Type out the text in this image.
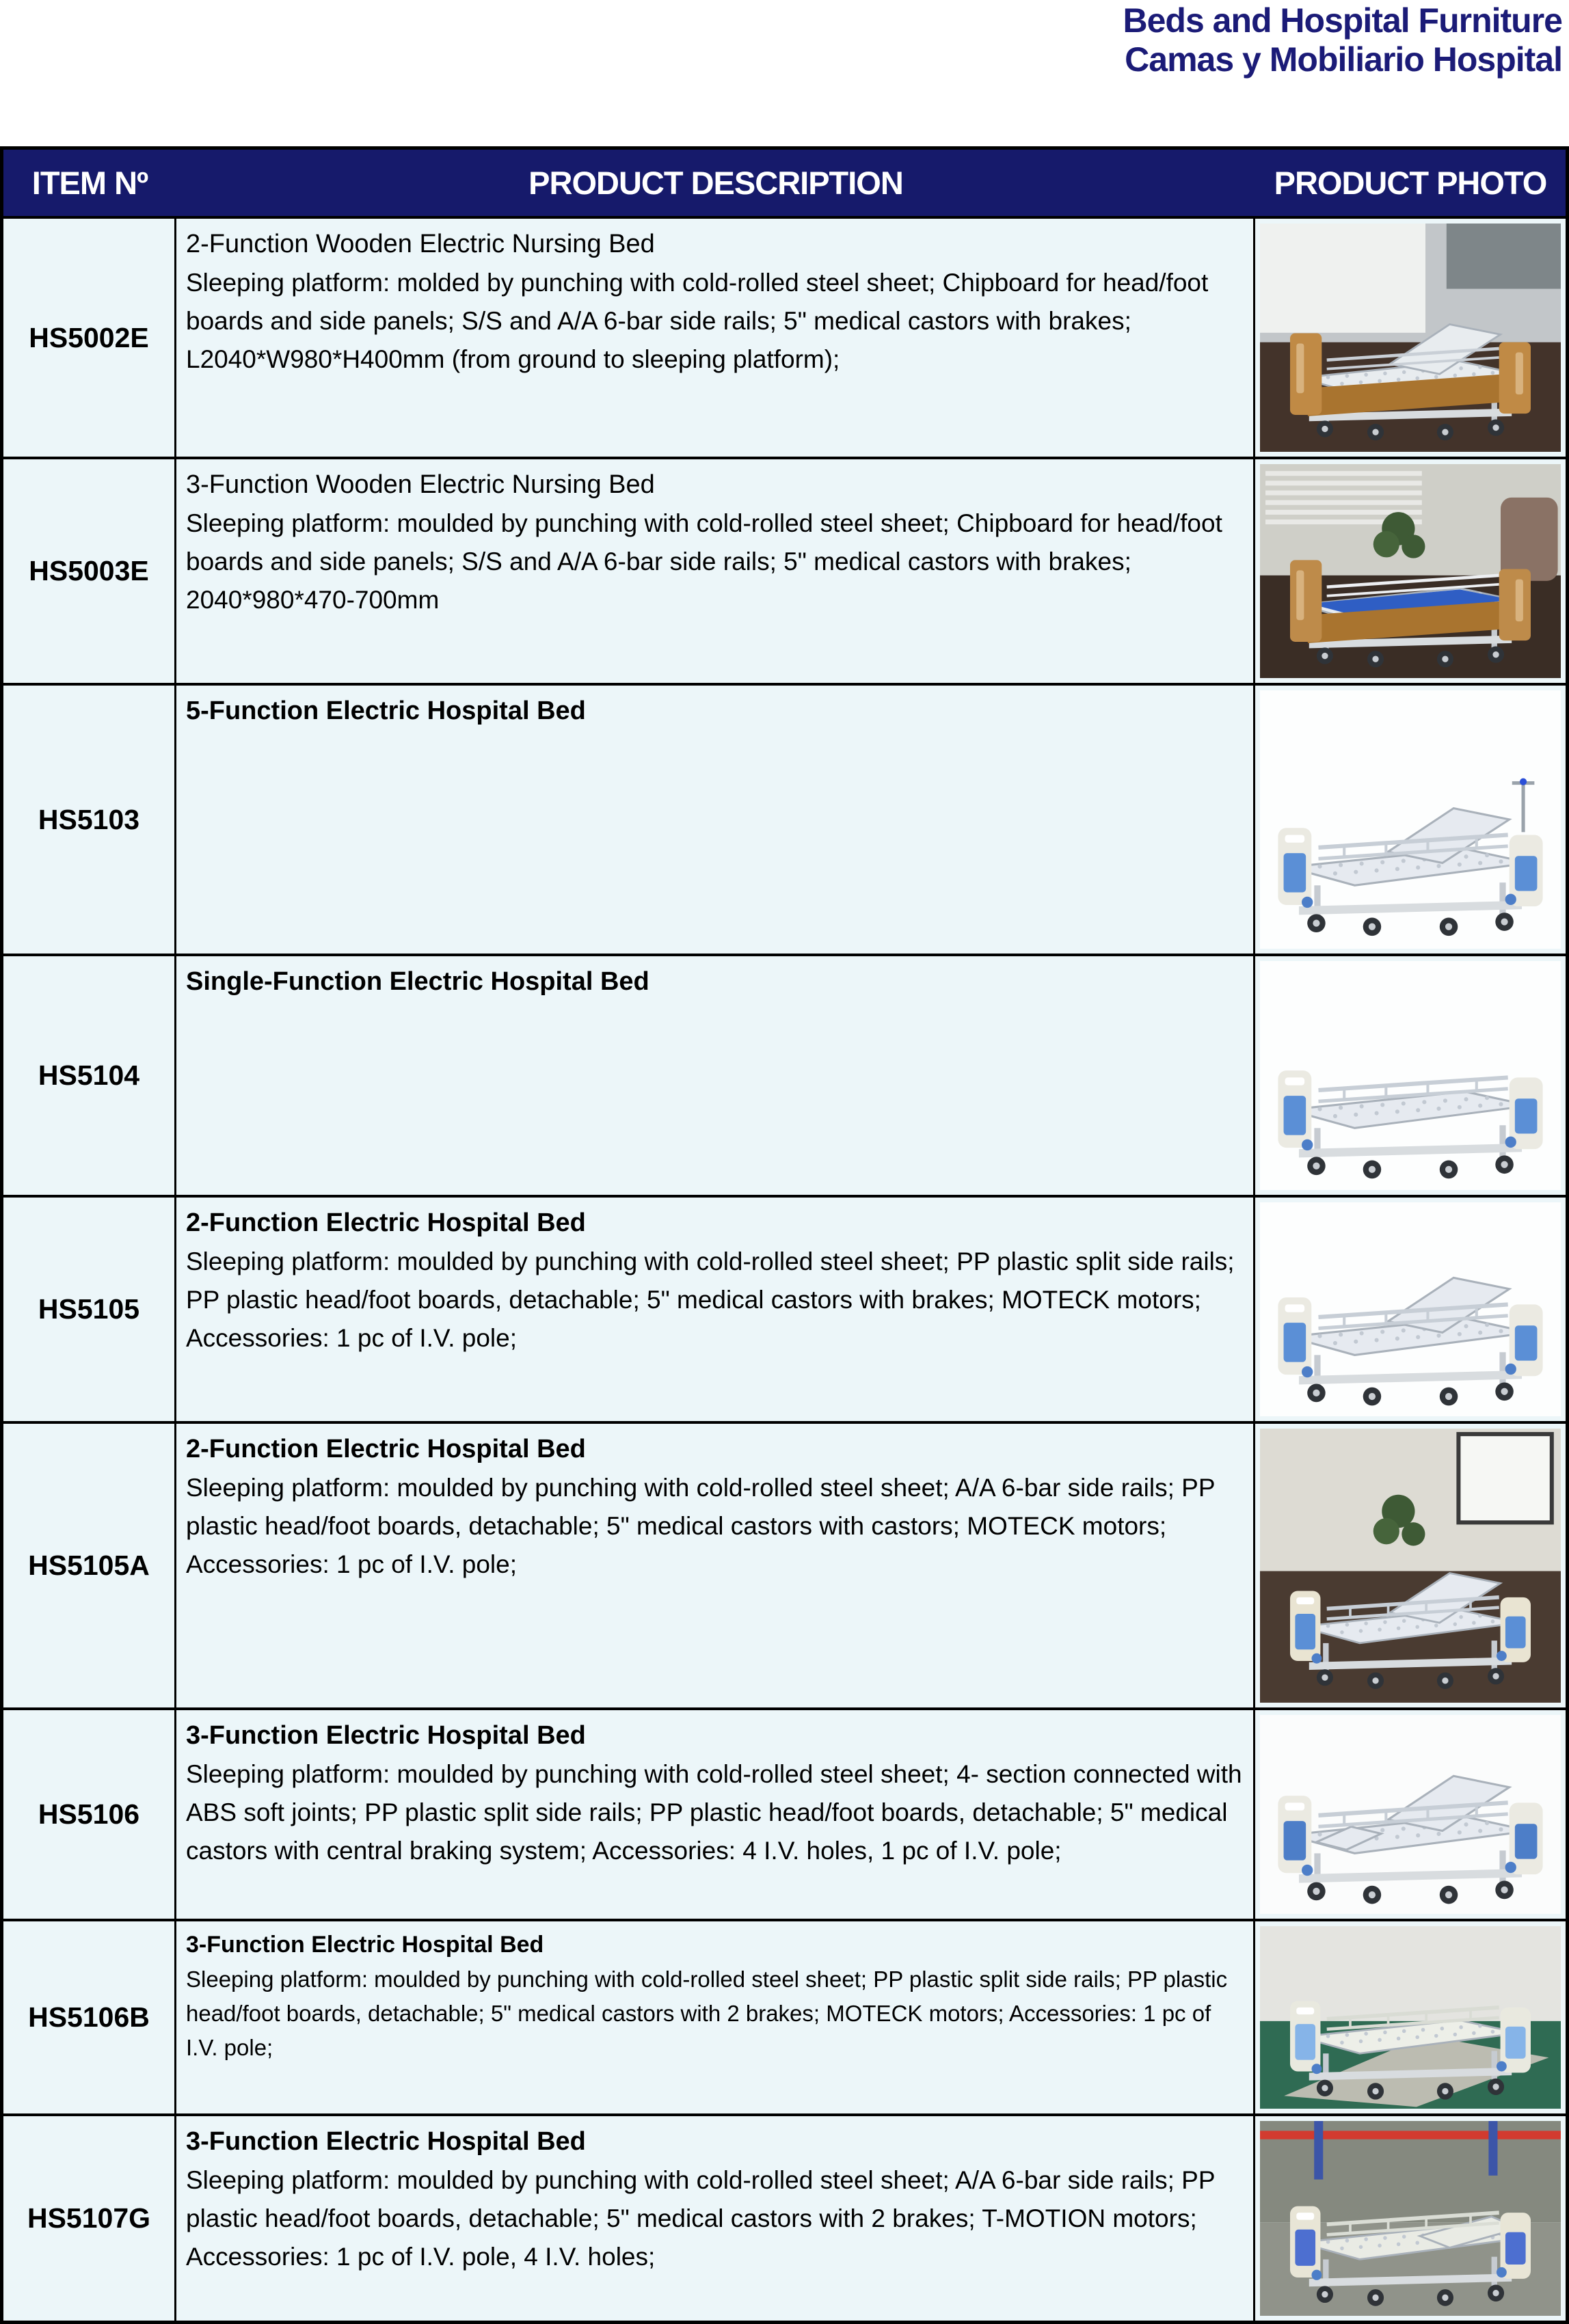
Beds and Hospital Furniture
Camas y Mobiliario Hospital
ITEM Nº	PRODUCT DESCRIPTION	PRODUCT PHOTO
HS5002E
2-Function Wooden Electric Nursing Bed
Sleeping platform: molded by punching with cold-rolled steel sheet; Chipboard for head/foot boards and side panels; S/S and A/A 6-bar side rails; 5" medical castors with brakes; L2040*W980*H400mm (from ground to sleeping platform);
HS5003E
3-Function Wooden Electric Nursing Bed
Sleeping platform: moulded by punching with cold-rolled steel sheet; Chipboard for head/foot boards and side panels; S/S and A/A 6-bar side rails; 5" medical castors with brakes; 2040*980*470-700mm
HS5103
5-Function Electric Hospital Bed
HS5104
Single-Function Electric Hospital Bed
HS5105
2-Function Electric Hospital Bed
Sleeping platform: moulded by punching with cold-rolled steel sheet; PP plastic split side rails; PP plastic head/foot boards, detachable; 5" medical castors with brakes; MOTECK motors; Accessories: 1 pc of I.V. pole;
HS5105A
2-Function Electric Hospital Bed
Sleeping platform: moulded by punching with cold-rolled steel sheet; A/A 6-bar side rails; PP plastic head/foot boards, detachable; 5" medical castors with castors; MOTECK motors; Accessories: 1 pc of I.V. pole;
HS5106
3-Function Electric Hospital Bed
Sleeping platform: moulded by punching with cold-rolled steel sheet; 4- section connected with ABS soft joints; PP plastic split side rails; PP plastic head/foot boards, detachable; 5" medical castors with central braking system; Accessories: 4 I.V. holes, 1 pc of I.V. pole;
HS5106B
3-Function Electric Hospital Bed
Sleeping platform: moulded by punching with cold-rolled steel sheet; PP plastic split side rails; PP plastic head/foot boards, detachable; 5" medical castors with 2 brakes; MOTECK motors; Accessories: 1 pc of I.V. pole;
HS5107G
3-Function Electric Hospital Bed
Sleeping platform: moulded by punching with cold-rolled steel sheet; A/A 6-bar side rails; PP plastic head/foot boards, detachable; 5" medical castors with 2 brakes; T-MOTION motors; Accessories: 1 pc of I.V. pole, 4 I.V. holes;
